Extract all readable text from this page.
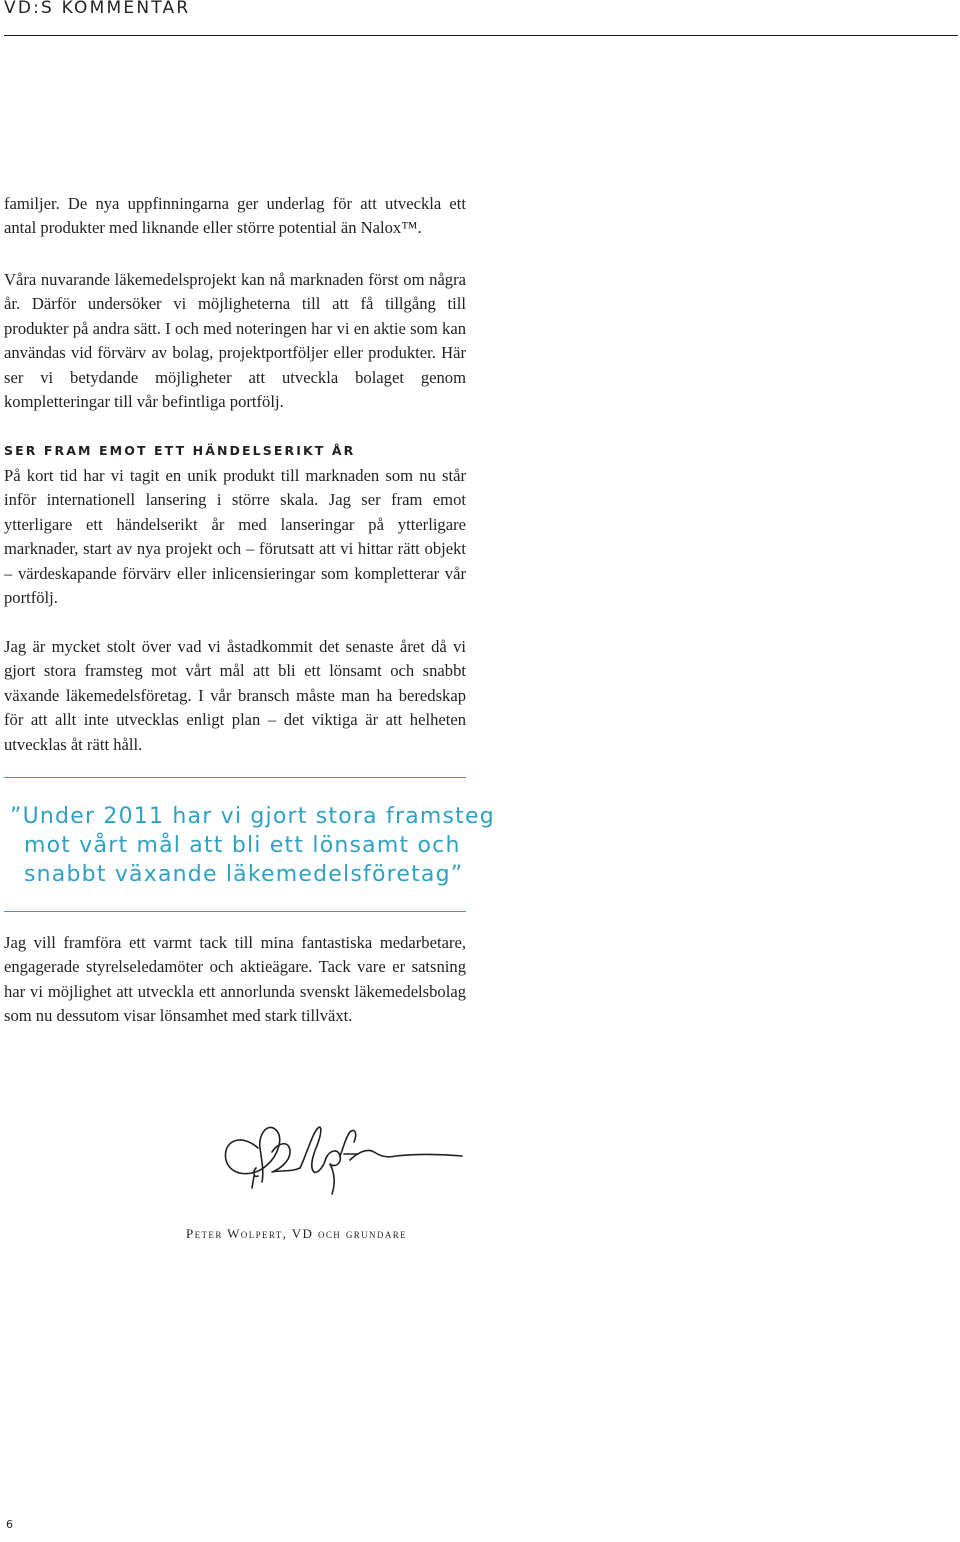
VD:S KOMMENTAR

familjer. De nya uppfinningarna ger underlag för att utveckla ett antal produkter med liknande eller större potential än Nalox™.

Våra nuvarande läkemedelsprojekt kan nå marknaden först om några år. Därför undersöker vi möjligheterna till att få tillgång till produkter på andra sätt. I och med noteringen har vi en aktie som kan användas vid förvärv av bolag, projektportföljer eller produkter. Här ser vi betydande möjligheter att utveckla bolaget genom kompletteringar till vår befintliga portfölj.

SER FRAM EMOT ETT HÄNDELSERIKT ÅR

På kort tid har vi tagit en unik produkt till marknaden som nu står inför internationell lansering i större skala. Jag ser fram emot ytterligare ett händelserikt år med lanseringar på ytterligare marknader, start av nya projekt och – förutsatt att vi hittar rätt objekt – värdeskapande förvärv eller inlicensieringar som kompletterar vår portfölj.

Jag är mycket stolt över vad vi åstadkommit det senaste året då vi gjort stora framsteg mot vårt mål att bli ett lönsamt och snabbt växande läkemedelsföretag. I vår bransch måste man ha beredskap för att allt inte utvecklas enligt plan – det viktiga är att helheten utvecklas åt rätt håll.

”Under 2011 har vi gjort stora framsteg
mot vårt mål att bli ett lönsamt och
snabbt växande läkemedelsföretag”

Jag vill framföra ett varmt tack till mina fantastiska medarbetare, engagerade styrelseledamöter och aktieägare. Tack vare er satsning har vi möjlighet att utveckla ett annorlunda svenskt läkemedelsbolag som nu dessutom visar lönsamhet med stark tillväxt.

Peter Wolpert, VD och grundare
6
